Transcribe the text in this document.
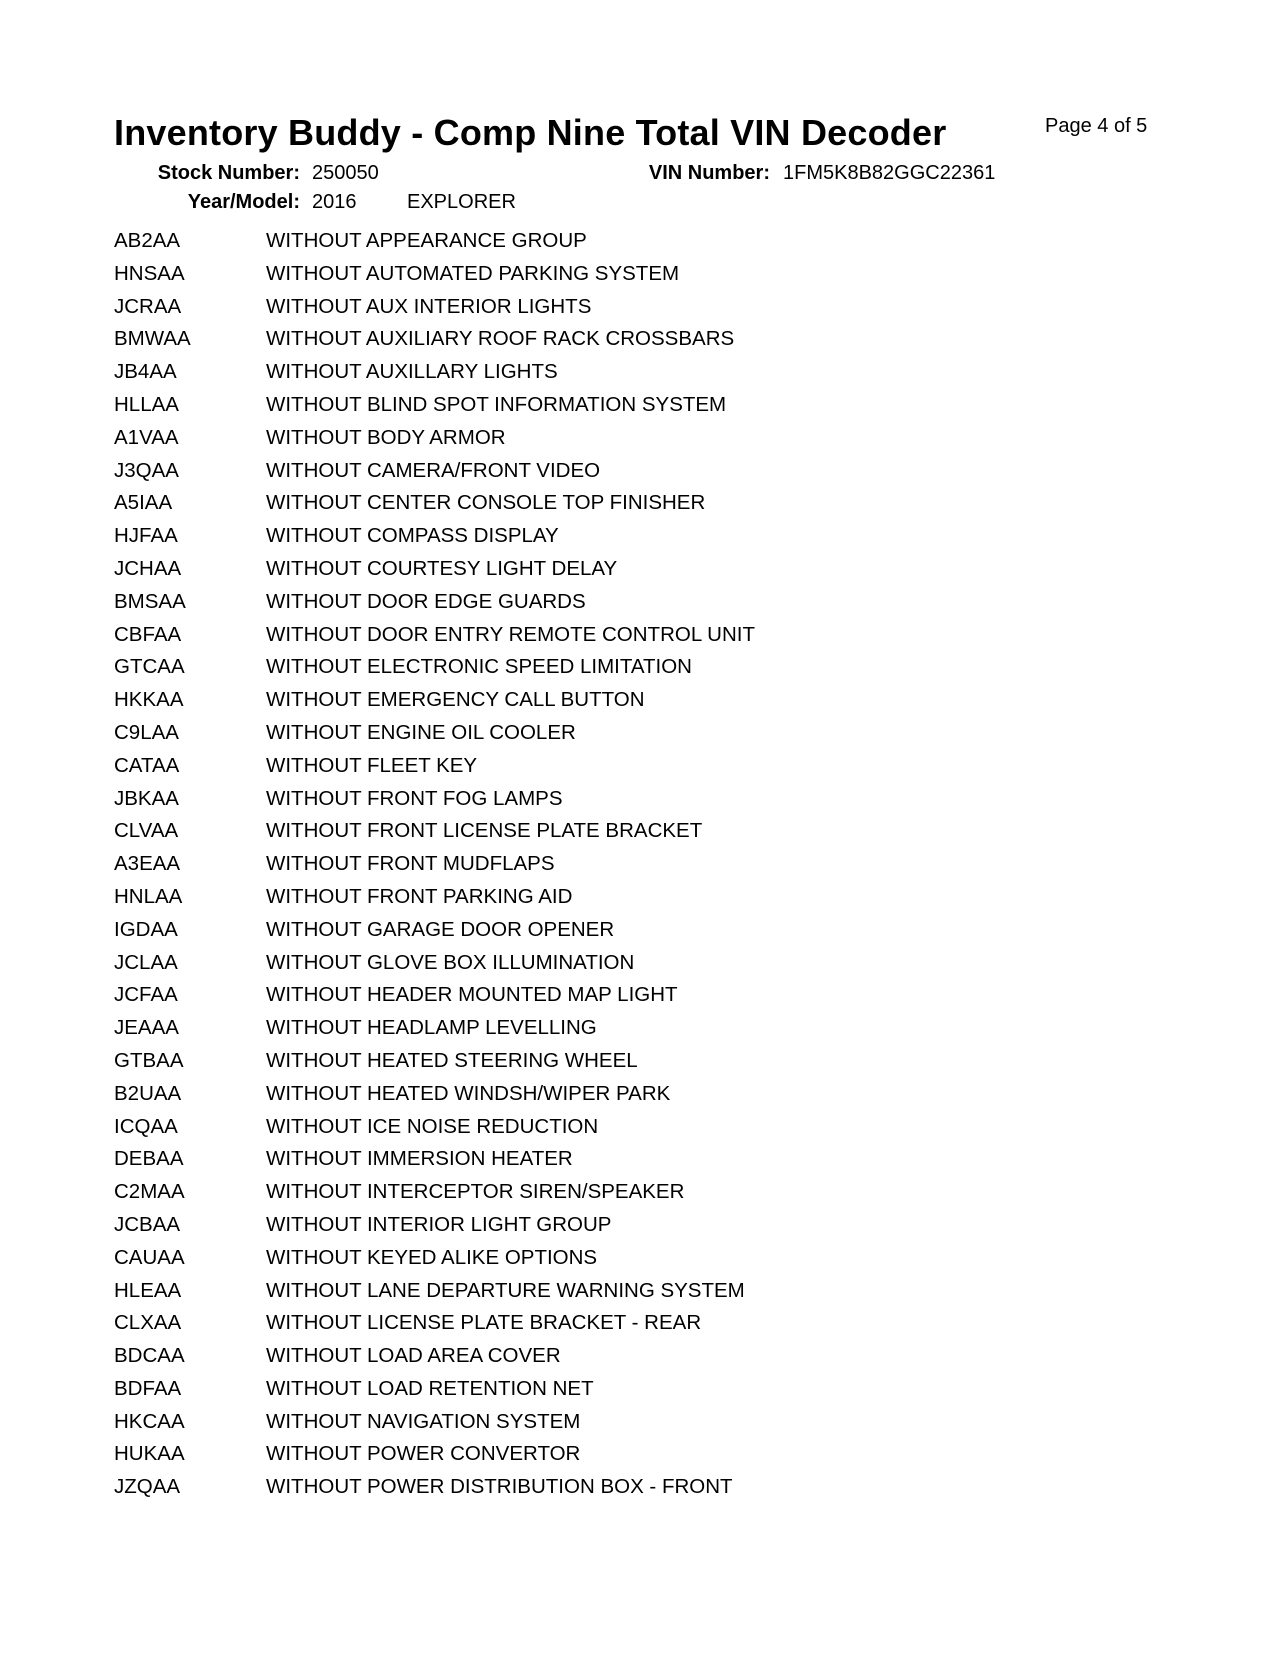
Inventory Buddy - Comp Nine Total VIN Decoder	Page 4 of 5
Stock Number: 250050	VIN Number: 1FM5K8B82GGC22361
Year/Model: 2016	EXPLORER
AB2AA	WITHOUT APPEARANCE GROUP
HNSAA	WITHOUT AUTOMATED PARKING SYSTEM
JCRAA	WITHOUT AUX INTERIOR LIGHTS
BMWAA	WITHOUT AUXILIARY ROOF RACK CROSSBARS
JB4AA	WITHOUT AUXILLARY LIGHTS
HLLAA	WITHOUT BLIND SPOT INFORMATION SYSTEM
A1VAA	WITHOUT BODY ARMOR
J3QAA	WITHOUT CAMERA/FRONT VIDEO
A5IAA	WITHOUT CENTER CONSOLE TOP FINISHER
HJFAA	WITHOUT COMPASS DISPLAY
JCHAA	WITHOUT COURTESY LIGHT DELAY
BMSAA	WITHOUT DOOR EDGE GUARDS
CBFAA	WITHOUT DOOR ENTRY REMOTE CONTROL UNIT
GTCAA	WITHOUT ELECTRONIC SPEED LIMITATION
HKKAA	WITHOUT EMERGENCY CALL BUTTON
C9LAA	WITHOUT ENGINE OIL COOLER
CATAA	WITHOUT FLEET KEY
JBKAA	WITHOUT FRONT FOG LAMPS
CLVAA	WITHOUT FRONT LICENSE PLATE BRACKET
A3EAA	WITHOUT FRONT MUDFLAPS
HNLAA	WITHOUT FRONT PARKING AID
IGDAA	WITHOUT GARAGE DOOR OPENER
JCLAA	WITHOUT GLOVE BOX ILLUMINATION
JCFAA	WITHOUT HEADER MOUNTED MAP LIGHT
JEAAA	WITHOUT HEADLAMP LEVELLING
GTBAA	WITHOUT HEATED STEERING WHEEL
B2UAA	WITHOUT HEATED WINDSH/WIPER PARK
ICQAA	WITHOUT ICE NOISE REDUCTION
DEBAA	WITHOUT IMMERSION HEATER
C2MAA	WITHOUT INTERCEPTOR SIREN/SPEAKER
JCBAA	WITHOUT INTERIOR LIGHT GROUP
CAUAA	WITHOUT KEYED ALIKE OPTIONS
HLEAA	WITHOUT LANE DEPARTURE WARNING SYSTEM
CLXAA	WITHOUT LICENSE PLATE BRACKET - REAR
BDCAA	WITHOUT LOAD AREA COVER
BDFAA	WITHOUT LOAD RETENTION NET
HKCAA	WITHOUT NAVIGATION SYSTEM
HUKAA	WITHOUT POWER CONVERTOR
JZQAA	WITHOUT POWER DISTRIBUTION BOX - FRONT
